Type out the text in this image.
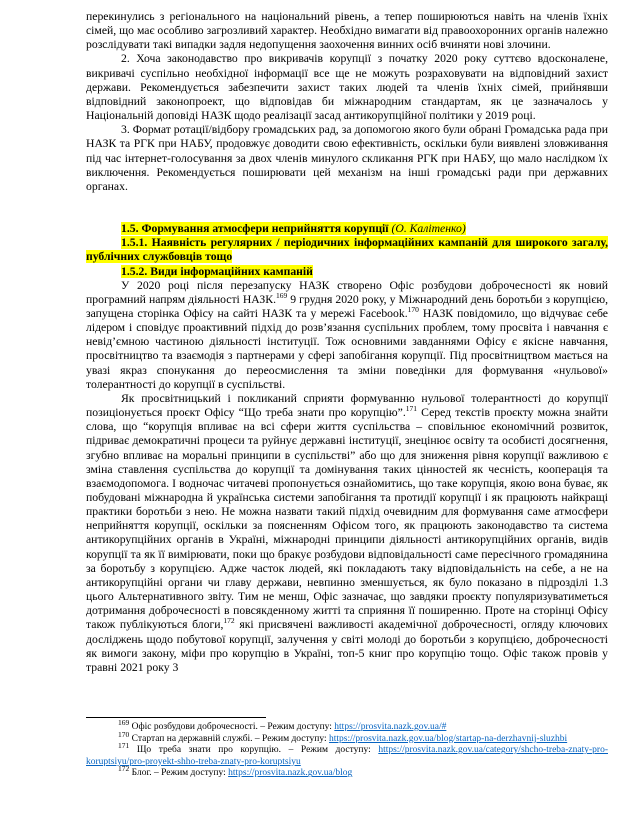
перекинулись з регіонального на національний рівень, а тепер поширюються навіть на членів їхніх сімей, що має особливо загрозливий характер. Необхідно вимагати від правоохоронних органів належно розслідувати такі випадки задля недопущення заохочення винних осіб вчиняти нові злочини.

2. Хоча законодавство про викривачів корупції з початку 2020 року суттєво вдосконалене, викривачі суспільно необхідної інформації все ще не можуть розраховувати на відповідний захист держави. Рекомендується забезпечити захист таких людей та членів їхніх сімей, прийнявши відповідний законопроект, що відповідав би міжнародним стандартам, як це зазначалось у Національній доповіді НАЗК щодо реалізації засад антикорупційної політики у 2019 році.

3. Формат ротації/відбору громадських рад, за допомогою якого були обрані Громадська рада при НАЗК та РГК при НАБУ, продовжує доводити свою ефективність, оскільки були виявлені зловживання під час інтернет-голосування за двох членів минулого скликання РГК при НАБУ, що мало наслідком їх виключення. Рекомендується поширювати цей механізм на інші громадські ради при державних органах.

1.5. Формування атмосфери неприйняття корупції (О. Калітенко)

1.5.1. Наявність регулярних / періодичних інформаційних кампаній для широкого загалу, публічних службовців тощо

1.5.2. Види інформаційних кампаній

У 2020 році після перезапуску НАЗК створено Офіс розбудови доброчесності як новий програмний напрям діяльності НАЗК.$^{169}$ 9 грудня 2020 року, у Міжнародний день боротьби з корупцією, запущена сторінка Офісу на сайті НАЗК та у мережі Facebook.$^{170}$ НАЗК повідомило, що відчуває себе лідером і сповідує проактивний підхід до розв’язання суспільних проблем, тому просвіта і навчання є невід’ємною частиною діяльності інституції. Тож основними завданнями Офісу є якісне навчання, просвітництво та взаємодія з партнерами у сфері запобігання корупції. Під просвітництвом мається на увазі якраз спонукання до переосмислення та зміни поведінки для формування «нульової» толерантності до корупції в суспільстві.

Як просвітницький і покликаний сприяти формуванню нульової толерантності до корупції позиціонується проєкт Офісу “Що треба знати про корупцію”.$^{171}$ Серед текстів проєкту можна знайти слова, що “корупція впливає на всі сфери життя суспільства – сповільнює економічний розвиток, підриває демократичні процеси та руйнує державні інституції, знецінює освіту та особисті досягнення, згубно впливає на моральні принципи в суспільстві” або що для зниження рівня корупції важливою є зміна ставлення суспільства до корупції та домінування таких цінностей як чесність, кооперація та взаємодопомога. І водночас читачеві пропонується ознайомитись, що таке корупція, якою вона буває, як побудовані міжнародна й українська системи запобігання та протидії корупції і як працюють найкращі практики боротьби з нею. Не можна назвати такий підхід очевидним для формування саме атмосфери неприйняття корупції, оскільки за поясненням Офісом того, як працюють законодавство та система антикорупційних органів в Україні, міжнародні принципи діяльності антикорупційних органів, видів корупції та як її вимірювати, поки що бракує розбудови відповідальності саме пересічного громадянина за боротьбу з корупцією. Адже часток людей, які покладають таку відповідальність на себе, а не на антикорупційні органи чи главу держави, невпинно зменшується, як було показано в підрозділі 1.3 цього Альтернативного звіту. Тим не менш, Офіс зазначає, що завдяки проєкту популяризуватиметься дотримання доброчесності в повсякденному житті та сприяння її поширенню. Проте на сторінці Офісу також публікуються блоги,$^{172}$ які присвячені важливості академічної доброчесності, огляду ключових досліджень щодо побутової корупції, залучення у світі молоді до боротьби з корупцією, доброчесності як вимоги закону, міфи про корупцію в Україні, топ-5 книг про корупцію тощо. Офіс також провів у травні 2021 року 3

$^{169}$ Офіс розбудови доброчесності. – Режим доступу: https://prosvita.nazk.gov.ua/#

$^{170}$ Стартап на державній службі. – Режим доступу: https://prosvita.nazk.gov.ua/blog/startap-na-derzhavnij-sluzhbi

$^{171}$ Що треба знати про корупцію. – Режим доступу: https://prosvita.nazk.gov.ua/category/shcho-treba-znaty-pro-koruptsiyu/pro-proyekt-shho-treba-znaty-pro-koruptsiyu

$^{172}$ Блог. – Режим доступу: https://prosvita.nazk.gov.ua/blog
